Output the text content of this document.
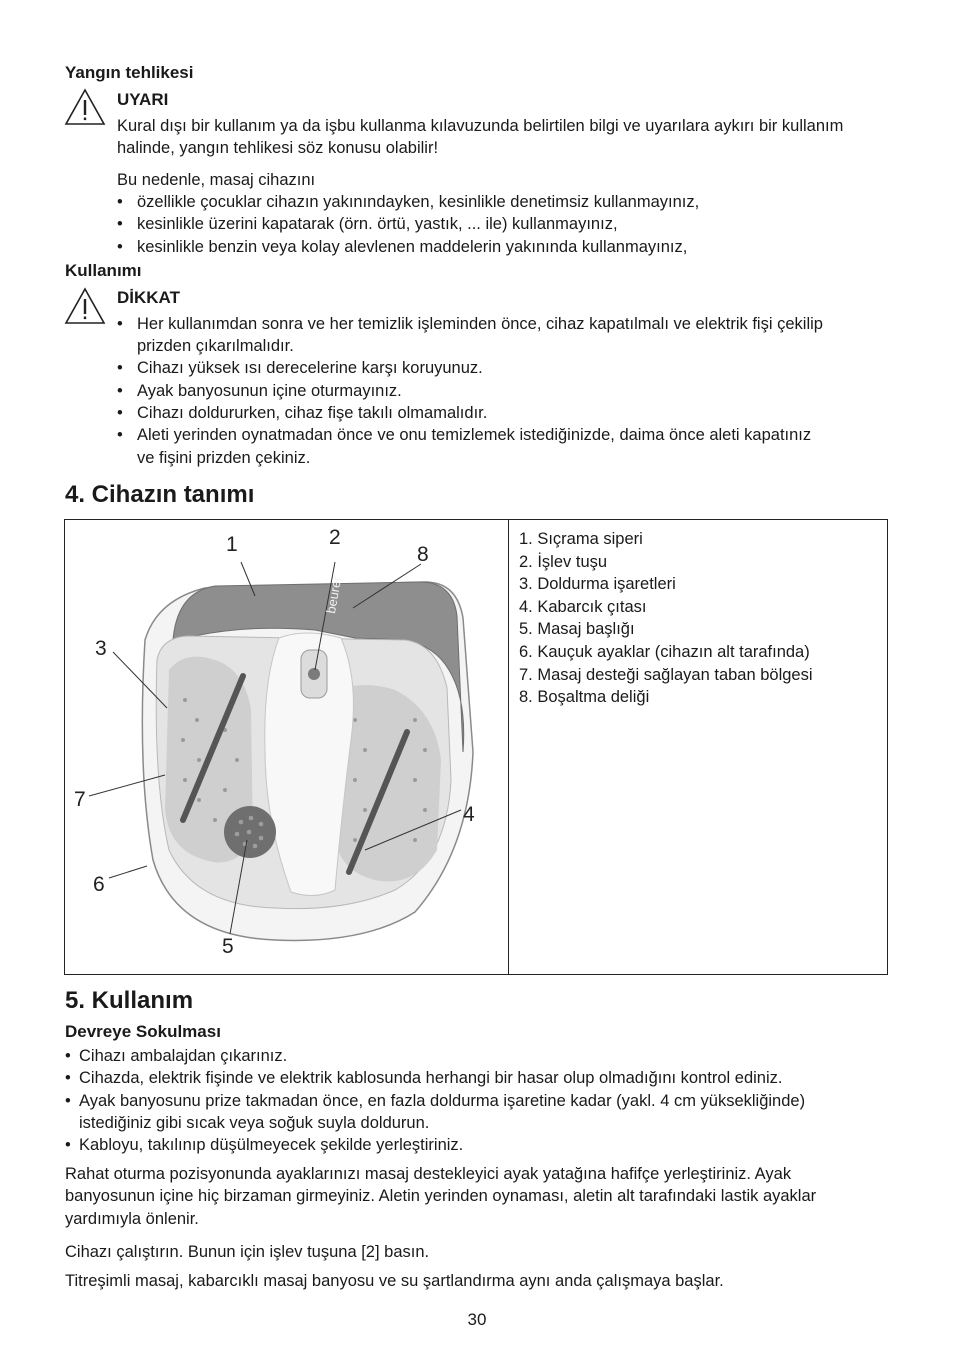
Yangın tehlikesi
UYARI
Kural dışı bir kullanım ya da işbu kullanma kılavuzunda belirtilen bilgi ve uyarılara aykırı bir kullanım
halinde, yangın tehlikesi söz konusu olabilir!
Bu nedenle, masaj cihazını
• özellikle çocuklar cihazın yakınındayken, kesinlikle denetimsiz kullanmayınız,
• kesinlikle üzerini kapatarak (örn. örtü, yastık, ... ile) kullanmayınız,
• kesinlikle benzin veya kolay alevlenen maddelerin yakınında kullanmayınız,
Kullanımı
DİKKAT
• Her kullanımdan sonra ve her temizlik işleminden önce, cihaz kapatılmalı ve elektrik fişi çekilip
prizden çıkarılmalıdır.
• Cihazı yüksek ısı derecelerine karşı koruyunuz.
• Ayak banyosunun içine oturmayınız.
• Cihazı doldururken, cihaz fişe takılı olmamalıdır.
• Aleti yerinden oynatmadan önce ve onu temizlemek istediğinizde, daima önce aleti kapatınız
ve fişini prizden çekiniz.
4. Cihazın tanımı
beurer
1	2
8
3
7
4
6
5
1. Sıçrama siperi
2. İşlev tuşu
3. Doldurma işaretleri
4. Kabarcık çıtası
5. Masaj başlığı
6. Kauçuk ayaklar (cihazın alt tarafında)
7. Masaj desteği sağlayan taban bölgesi
8. Boşaltma deliği
5. Kullanım
Devreye Sokulması
• Cihazı ambalajdan çıkarınız.
• Cihazda, elektrik fişinde ve elektrik kablosunda herhangi bir hasar olup olmadığını kontrol ediniz.
• Ayak banyosunu prize takmadan önce, en fazla doldurma işaretine kadar (yakl. 4 cm yüksekliğinde)
istediğiniz gibi sıcak veya soğuk suyla doldurun.
• Kabloyu, takılınıp düşülmeyecek şekilde yerleştiriniz.
Rahat oturma pozisyonunda ayaklarınızı masaj destekleyici ayak yatağına hafifçe yerleştiriniz. Ayak
banyosunun içine hiç birzaman girmeyiniz. Aletin yerinden oynaması, aletin alt tarafındaki lastik ayaklar
yardımıyla önlenir.
Cihazı çalıştırın. Bunun için işlev tuşuna [2] basın.
Titreşimli masaj, kabarcıklı masaj banyosu ve su şartlandırma aynı anda çalışmaya başlar.
30
